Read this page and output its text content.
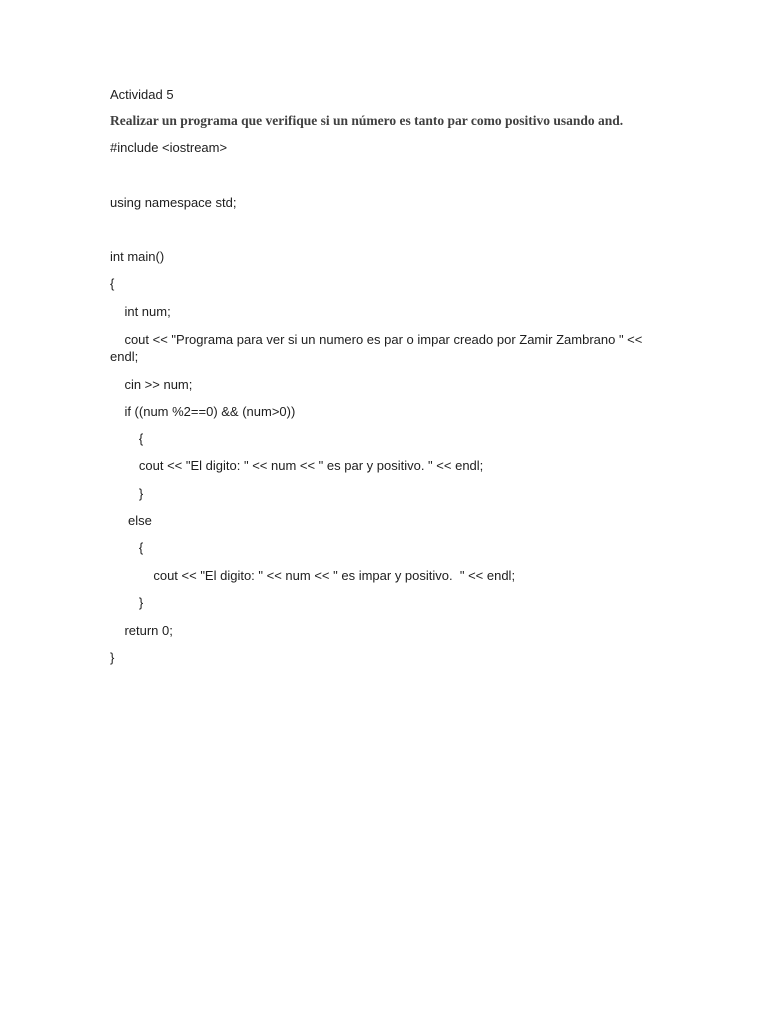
Actividad 5
Realizar un programa que verifique si un número es tanto par como positivo usando and.
#include <iostream>
using namespace std;
int main()
{
int num;
cout << "Programa para ver si un numero es par o impar creado por Zamir Zambrano " << endl;
cin >> num;
if ((num %2==0) && (num>0))
{
cout << "El digito: " << num << " es par y positivo. " << endl;
}
else
{
cout << "El digito: " << num << " es impar y positivo.  " << endl;
}
return 0;
}
